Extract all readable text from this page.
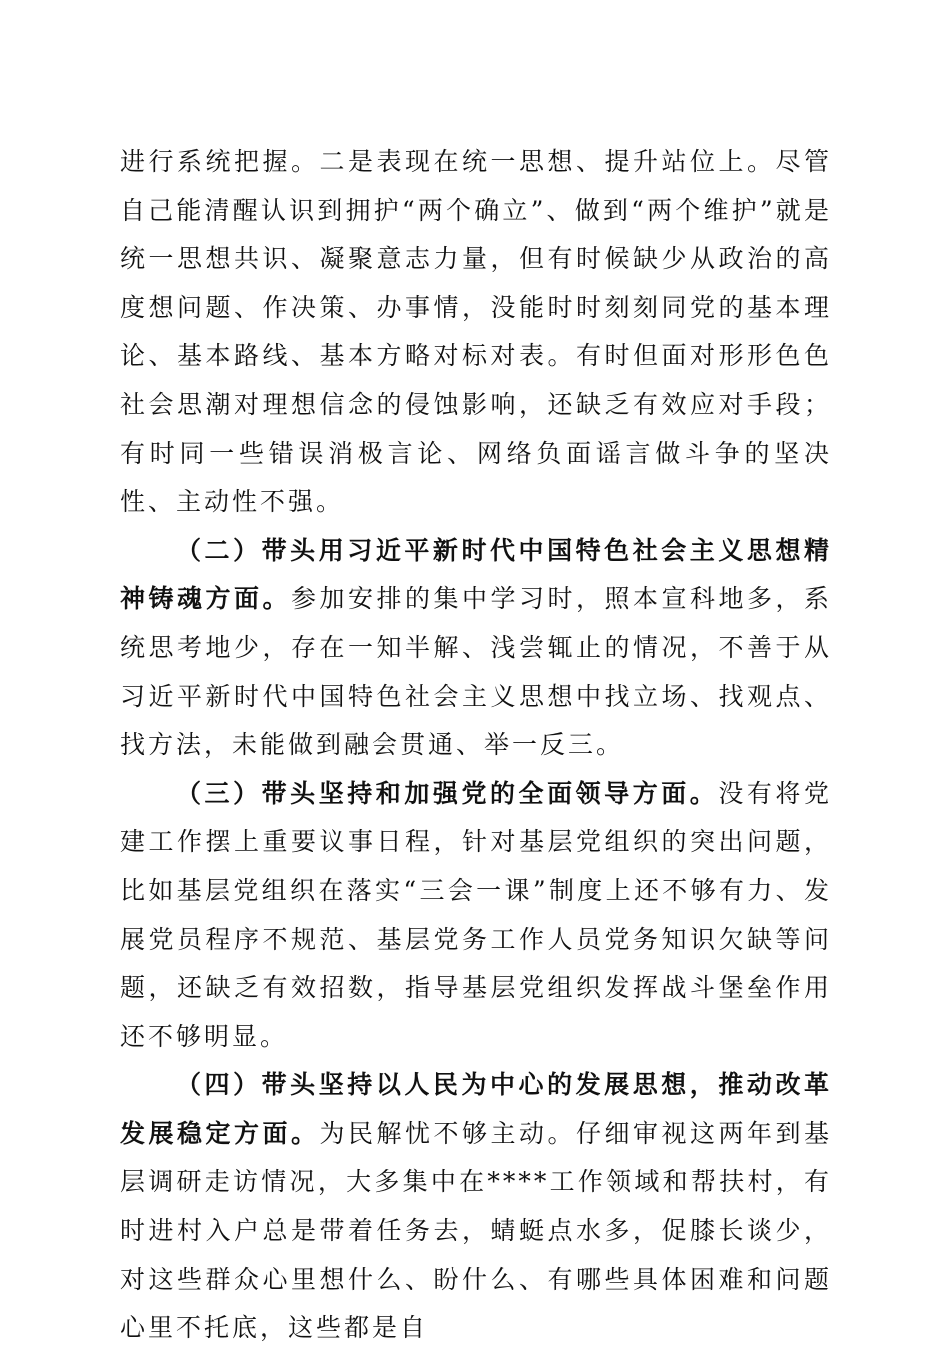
进行系统把握。二是表现在统一思想、提升站位上。尽管自己能清醒认识到拥护“两个确立”、做到“两个维护”就是统一思想共识、凝聚意志力量，但有时候缺少从政治的高度想问题、作决策、办事情，没能时时刻刻同党的基本理论、基本路线、基本方略对标对表。有时但面对形形色色社会思潮对理想信念的侵蚀影响，还缺乏有效应对手段；有时同一些错误消极言论、网络负面谣言做斗争的坚决性、主动性不强。

（二）带头用习近平新时代中国特色社会主义思想精神铸魂方面。参加安排的集中学习时，照本宣科地多，系统思考地少，存在一知半解、浅尝辄止的情况，不善于从习近平新时代中国特色社会主义思想中找立场、找观点、找方法，未能做到融会贯通、举一反三。

（三）带头坚持和加强党的全面领导方面。没有将党建工作摆上重要议事日程，针对基层党组织的突出问题，比如基层党组织在落实“三会一课”制度上还不够有力、发展党员程序不规范、基层党务工作人员党务知识欠缺等问题，还缺乏有效招数，指导基层党组织发挥战斗堡垒作用还不够明显。

（四）带头坚持以人民为中心的发展思想，推动改革发展稳定方面。为民解忧不够主动。仔细审视这两年到基层调研走访情况，大多集中在****工作领域和帮扶村，有时进村入户总是带着任务去，蜻蜓点水多，促膝长谈少，对这些群众心里想什么、盼什么、有哪些具体困难和问题心里不托底，这些都是自
